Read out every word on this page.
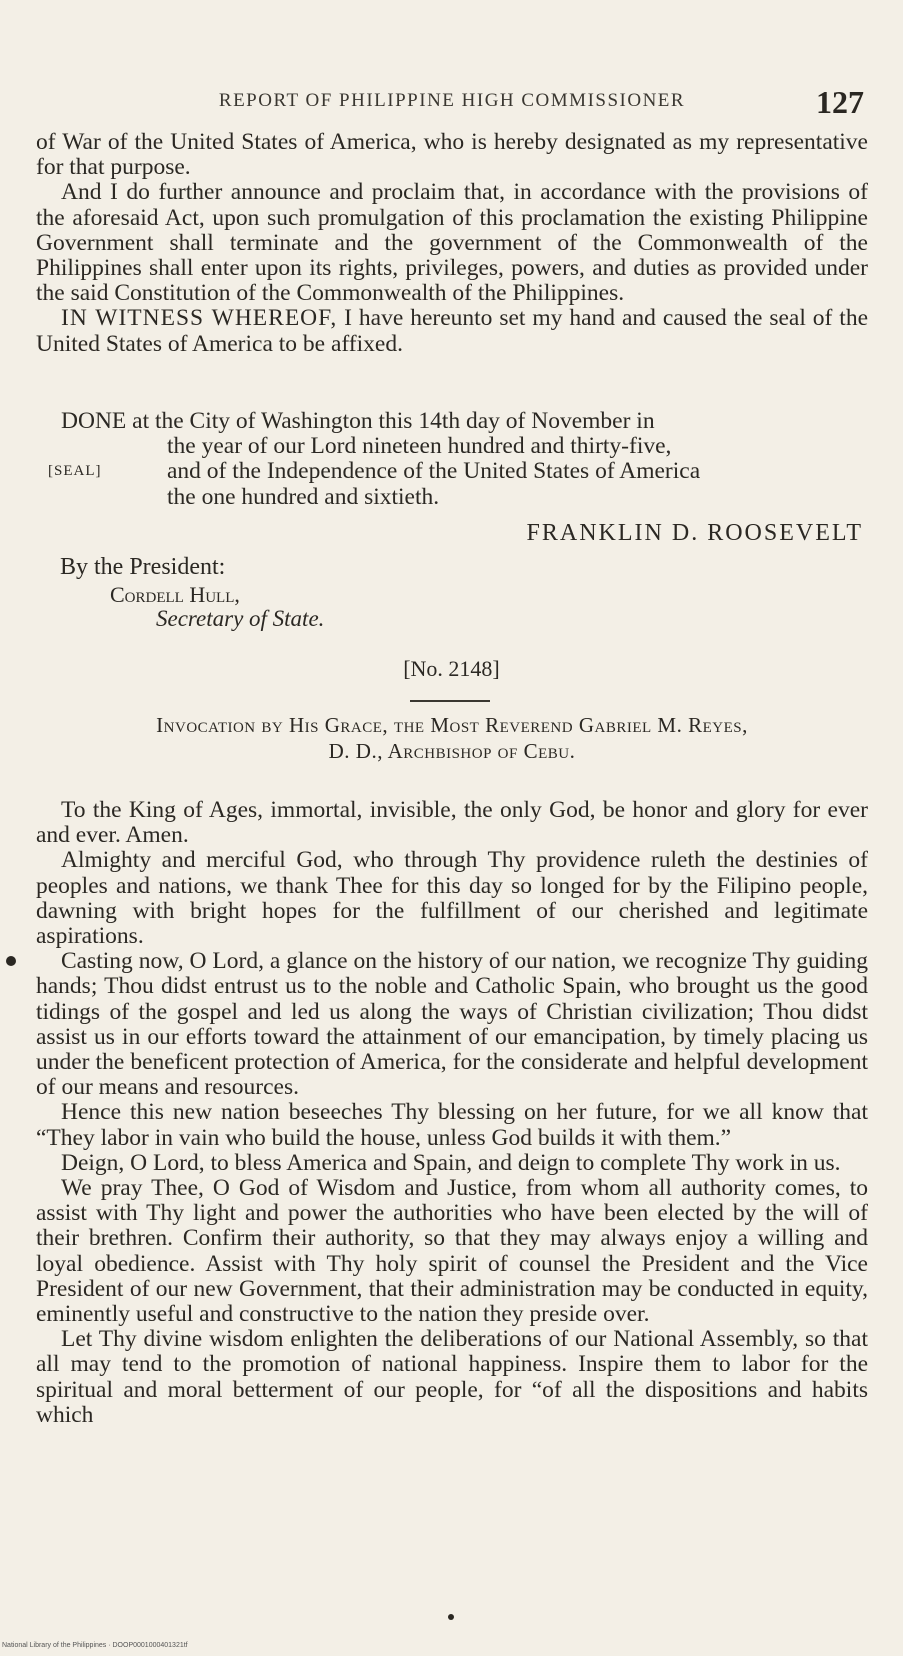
REPORT OF PHILIPPINE HIGH COMMISSIONER	127

of War of the United States of America, who is hereby designated as my representative for that purpose.

And I do further announce and proclaim that, in accordance with the provisions of the aforesaid Act, upon such promulgation of this proclamation the existing Philippine Government shall terminate and the government of the Commonwealth of the Philippines shall enter upon its rights, privileges, powers, and duties as provided under the said Constitution of the Commonwealth of the Philippines.

IN WITNESS WHEREOF, I have hereunto set my hand and caused the seal of the United States of America to be affixed.

DONE at the City of Washington this 14th day of November in
the year of our Lord nineteen hundred and thirty-five,
and of the Independence of the United States of America
the one hundred and sixtieth.
[SEAL]
FRANKLIN D. ROOSEVELT
By the President:
Cordell Hull,
Secretary of State.
[No. 2148]
Invocation by His Grace, the Most Reverend Gabriel M. Reyes,
D. D., Archbishop of Cebu.

To the King of Ages, immortal, invisible, the only God, be honor and glory for ever and ever. Amen.

Almighty and merciful God, who through Thy providence ruleth the destinies of peoples and nations, we thank Thee for this day so longed for by the Filipino people, dawning with bright hopes for the fulfillment of our cherished and legitimate aspirations.

Casting now, O Lord, a glance on the history of our nation, we recognize Thy guiding hands; Thou didst entrust us to the noble and Catholic Spain, who brought us the good tidings of the gospel and led us along the ways of Christian civilization; Thou didst assist us in our efforts toward the attainment of our emancipation, by timely placing us under the beneficent protection of America, for the considerate and helpful development of our means and resources.

Hence this new nation beseeches Thy blessing on her future, for we all know that “They labor in vain who build the house, unless God builds it with them.”

Deign, O Lord, to bless America and Spain, and deign to complete Thy work in us.

We pray Thee, O God of Wisdom and Justice, from whom all authority comes, to assist with Thy light and power the authorities who have been elected by the will of their brethren. Confirm their authority, so that they may always enjoy a willing and loyal obedience. Assist with Thy holy spirit of counsel the President and the Vice President of our new Government, that their administration may be conducted in equity, eminently useful and constructive to the nation they preside over.

Let Thy divine wisdom enlighten the deliberations of our National Assembly, so that all may tend to the promotion of national happiness. Inspire them to labor for the spiritual and moral betterment of our people, for “of all the dispositions and habits which

National Library of the Philippines · DOOP0001000401321tf
